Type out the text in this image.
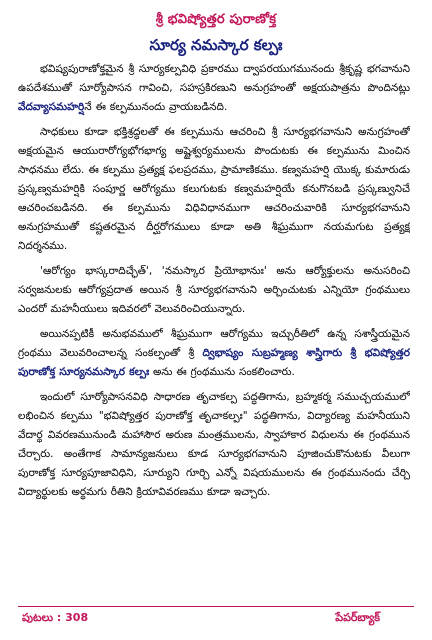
శ్రీ భవిష్యోత్తర పురాణోక్త
సూర్య నమస్కార కల్పః

భవిష్యపురాణోక్తమైన శ్రీ సూర్యకల్పవిధి ప్రకారము ద్వాపరయుగమునందు శ్రీకృష్ణ భగవానుని ఉపదేశముతో సూర్యోపాసన గావించి, సహస్రకిరణుని అనుగ్రహంతో అక్షయపాత్రను పొందినట్లు వేదవ్యాసమహర్షినే ఈ కల్పమునందు వ్రాయబడినది.

సాధకులు కూడా భక్తిశ్రద్ధలతో ఈ కల్పమును ఆచరించి శ్రీ సూర్యభగవానుని అనుగ్రహంతో అక్షయమైన ఆయురారోగ్యభోగభాగ్య అష్టైశ్వర్యములను పొందుటకు ఈ కల్పమును మించిన సాధనము లేదు. ఈ కల్పము ప్రత్యక్ష ఫలప్రదము, ప్రామాణికము. కణ్వమహర్షి యొక్క కుమారుడు ప్రస్కణ్వమహర్షికి సంపూర్ణ ఆరోగ్యము కలుగుటకు కణ్వమహర్షియే కనుగొనబడి ప్రస్కణ్వునిచే ఆచరించబడినది. ఈ కల్పమును విధివిధానముగా ఆచరించువారికి సూర్యభగవానుని అనుగ్రహముతో కష్టతరమైన దీర్ఘరోగములు కూడా అతి శీఘ్రముగా నయమగుట ప్రత్యక్ష నిదర్శనము.

'ఆరోగ్యం భాస్కరాదిచ్ఛేత్', 'నమస్కార ప్రియోభానుః' అను ఆర్యోక్తులను అనుసరించి సర్వజనులకు ఆరోగ్యప్రదాత అయిన శ్రీ సూర్యభగవానుని అర్చించుటకు ఎన్నియో గ్రంథములు ఎందరో మహనీయులు ఇదివరలో వెలువరించియున్నారు.

అయినప్పటికీ అనుభవములో శీఘ్రముగా ఆరోగ్యము ఇచ్చురీతిలో ఉన్న సశాస్త్రీయమైన గ్రంథము వెలువరించాలన్న సంకల్పంతో శ్రీ ద్విభాష్యం సుబ్రహ్మణ్య శాస్త్రిగారు శ్రీ భవిష్యోత్తర పురాణోక్త సూర్యనమస్కార కల్పః అను ఈ గ్రంథమును సంకలించారు.

ఇందులో సూర్యోపాసనవిధి సాధారణ తృచాకల్ప పద్ధతిగాను, బ్రహ్మకర్మ సముచ్చయములో లభించిన కల్పము "భవిష్యోత్తర పురాణోక్త తృచాకల్పః" పద్ధతిగాను, విద్యారణ్య మహనీయుని వేదార్థ వివరణమునుండి మహాసౌర అరుణ మంత్రములను, స్వాహాకార విధులను ఈ గ్రంథమున చేర్చారు. అంతేగాక సామాన్యజనులు కూడ సూర్యభగవానుని పూజించుకొనుటకు వీలుగా పురాణోక్త సూర్యపూజావిధిని, సూర్యుని గూర్చి ఎన్నో విషయములను ఈ గ్రంథమునందు చేర్చి విద్యార్థులకు అర్థమగు రీతిని క్రియావివరణము కూడా ఇచ్చారు.

పుటలు : 308	పేపర్‌బ్యాక్
